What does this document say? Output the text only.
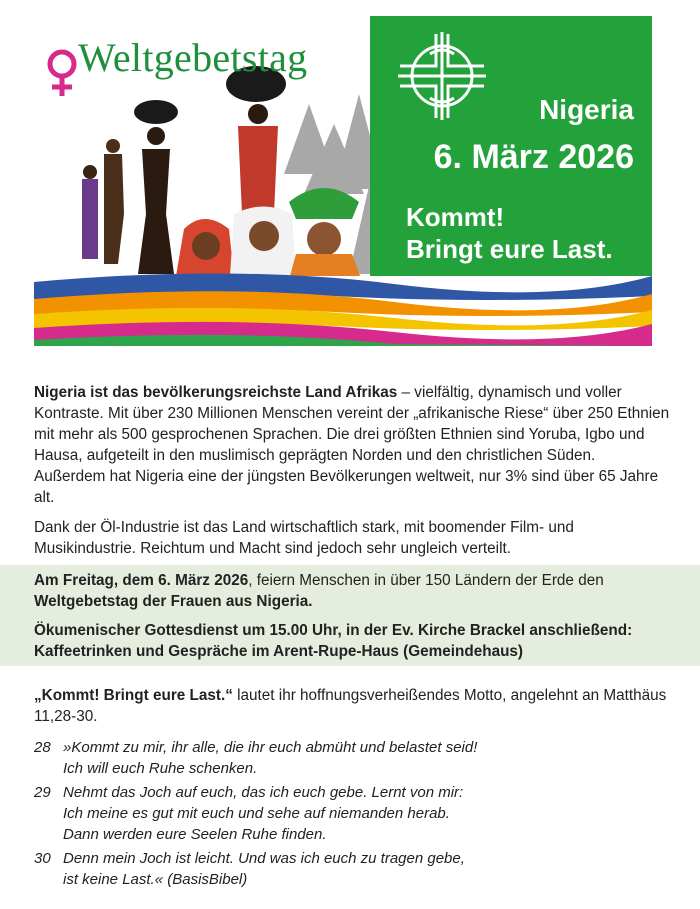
Weltgebetstag
Nigeria
6. März 2026
Kommt!
Bringt eure Last.
Nigeria ist das bevölkerungsreichste Land Afrikas – vielfältig, dynamisch und voller Kontraste. Mit über 230 Millionen Menschen vereint der „afrikanische Riese“ über 250 Ethnien mit mehr als 500 gesprochenen Sprachen. Die drei größten Ethnien sind Yoruba, Igbo und Hausa, aufgeteilt in den muslimisch geprägten Norden und den christlichen Süden. Außerdem hat Nigeria eine der jüngsten Bevölkerungen weltweit, nur 3% sind über 65 Jahre alt.
Dank der Öl-Industrie ist das Land wirtschaftlich stark, mit boomender Film- und Musikindustrie. Reichtum und Macht sind jedoch sehr ungleich verteilt.
Am Freitag, dem 6. März 2026, feiern Menschen in über 150 Ländern der Erde den Weltgebetstag der Frauen aus Nigeria.
Ökumenischer Gottesdienst um 15.00 Uhr, in der Ev. Kirche Brackel anschließend: Kaffeetrinken und Gespräche im Arent-Rupe-Haus (Gemeindehaus)
„Kommt! Bringt eure Last.“ lautet ihr hoffnungsverheißendes Motto, angelehnt an Matthäus 11,28-30.
28 »Kommt zu mir, ihr alle, die ihr euch abmüht und belastet seid!
Ich will euch Ruhe schenken.
29 Nehmt das Joch auf euch, das ich euch gebe. Lernt von mir:
Ich meine es gut mit euch und sehe auf niemanden herab.
Dann werden eure Seelen Ruhe finden.
30 Denn mein Joch ist leicht. Und was ich euch zu tragen gebe,
ist keine Last.« (BasisBibel)
